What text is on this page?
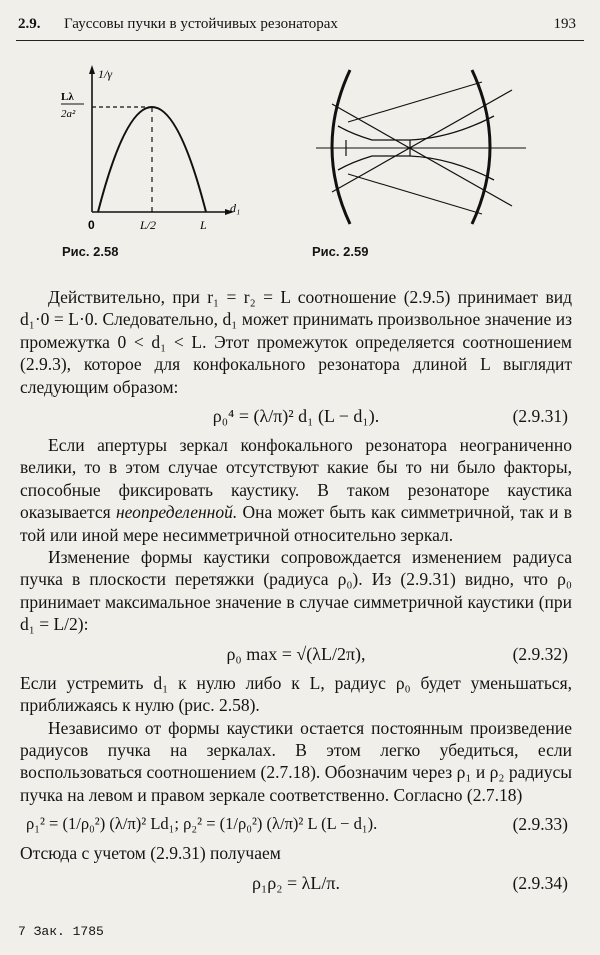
2.9. Гауссовы пучки в устойчивых резонаторах	193
1/γ
Lλ
2a²
0	L/2	L
d₁
Рис. 2.58	Рис. 2.59

Действительно, при r₁ = r₂ = L соотношение (2.9.5) принимает вид d₁·0 = L·0. Следовательно, d₁ может принимать произвольное значение из промежутка 0 < d₁ < L. Этот промежуток определяется соотношением (2.9.3), которое для конфокального резонатора длиной L выглядит следующим образом:

ρ₀⁴ = (λ/π)² d₁ (L − d₁).	(2.9.31)

Если апертуры зеркал конфокального резонатора неограниченно велики, то в этом случае отсутствуют какие бы то ни было факторы, способные фиксировать каустику. В таком резонаторе каустика оказывается неопределенной. Она может быть как симметричной, так и в той или иной мере несимметричной относительно зеркал.

Изменение формы каустики сопровождается изменением радиуса пучка в плоскости перетяжки (радиуса ρ₀). Из (2.9.31) видно, что ρ₀ принимает максимальное значение в случае симметричной каустики (при d₁ = L/2):

ρ₀ max = √(λL/2π),	(2.9.32)

Если устремить d₁ к нулю либо к L, радиус ρ₀ будет уменьшаться, приближаясь к нулю (рис. 2.58).

Независимо от формы каустики остается постоянным произведение радиусов пучка на зеркалах. В этом легко убедиться, если воспользоваться соотношением (2.7.18). Обозначим через ρ₁ и ρ₂ радиусы пучка на левом и правом зеркале соответственно. Согласно (2.7.18)

ρ₁² = (1/ρ₀²) (λ/π)² Ld₁; ρ₂² = (1/ρ₀²) (λ/π)² L (L − d₁).	(2.9.33)

Отсюда с учетом (2.9.31) получаем

ρ₁ρ₂ = λL/π.	(2.9.34)
7 Зак. 1785
